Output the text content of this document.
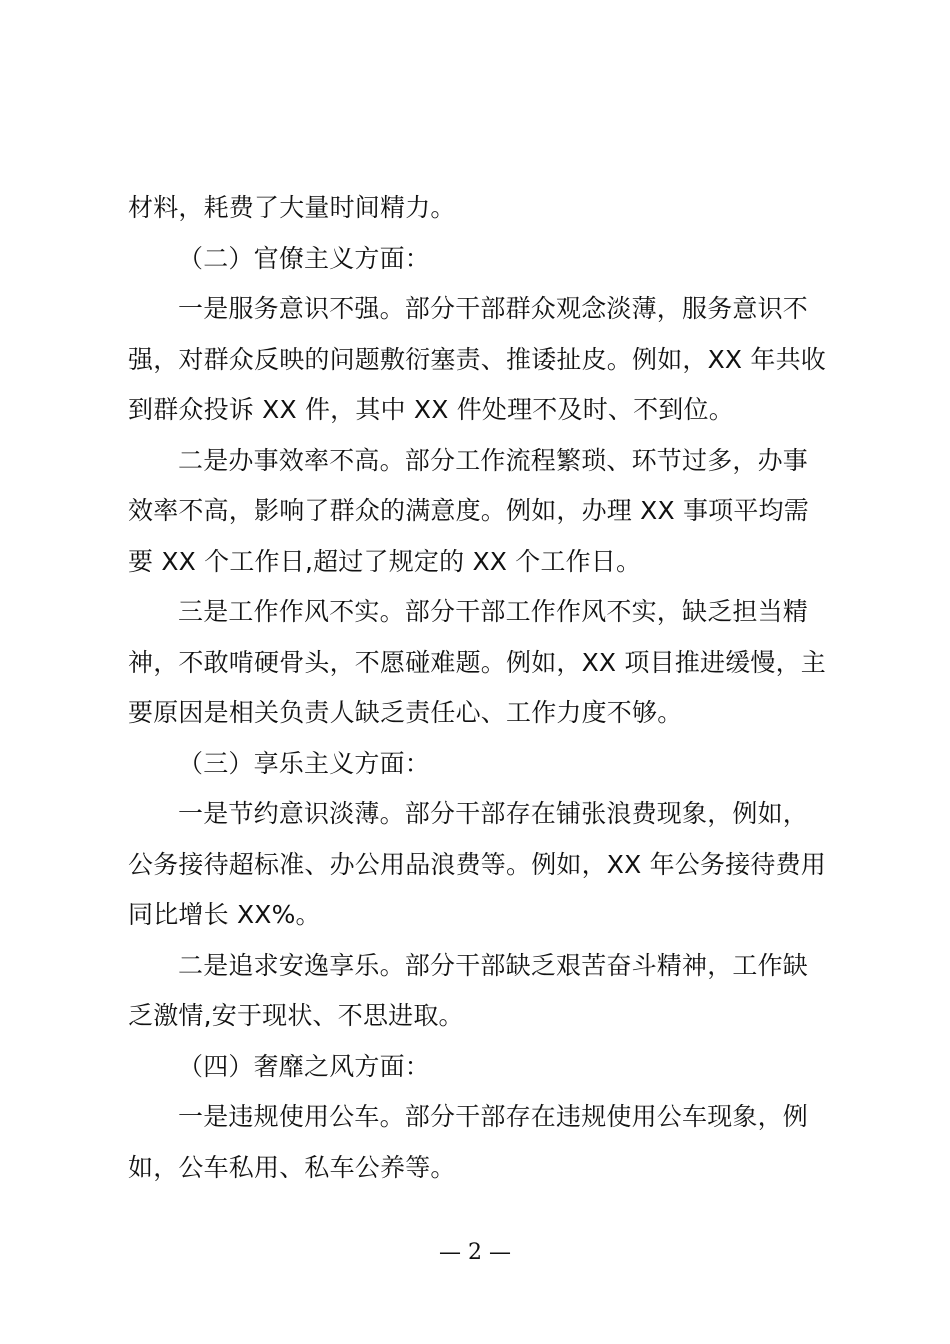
材料，耗费了大量时间精力。
（二）官僚主义方面：
一是服务意识不强。部分干部群众观念淡薄，服务意识不
强，对群众反映的问题敷衍塞责、推诿扯皮。例如，XX 年共收
到群众投诉 XX 件，其中 XX 件处理不及时、不到位。
二是办事效率不高。部分工作流程繁琐、环节过多，办事
效率不高，影响了群众的满意度。例如，办理 XX 事项平均需
要 XX 个工作日,超过了规定的 XX 个工作日。
三是工作作风不实。部分干部工作作风不实，缺乏担当精
神，不敢啃硬骨头，不愿碰难题。例如，XX 项目推进缓慢，主
要原因是相关负责人缺乏责任心、工作力度不够。
（三）享乐主义方面：
一是节约意识淡薄。部分干部存在铺张浪费现象，例如，
公务接待超标准、办公用品浪费等。例如，XX 年公务接待费用
同比增长 XX%。
二是追求安逸享乐。部分干部缺乏艰苦奋斗精神，工作缺
乏激情,安于现状、不思进取。
（四）奢靡之风方面：
一是违规使用公车。部分干部存在违规使用公车现象，例
如，公车私用、私车公养等。
— 2 —
